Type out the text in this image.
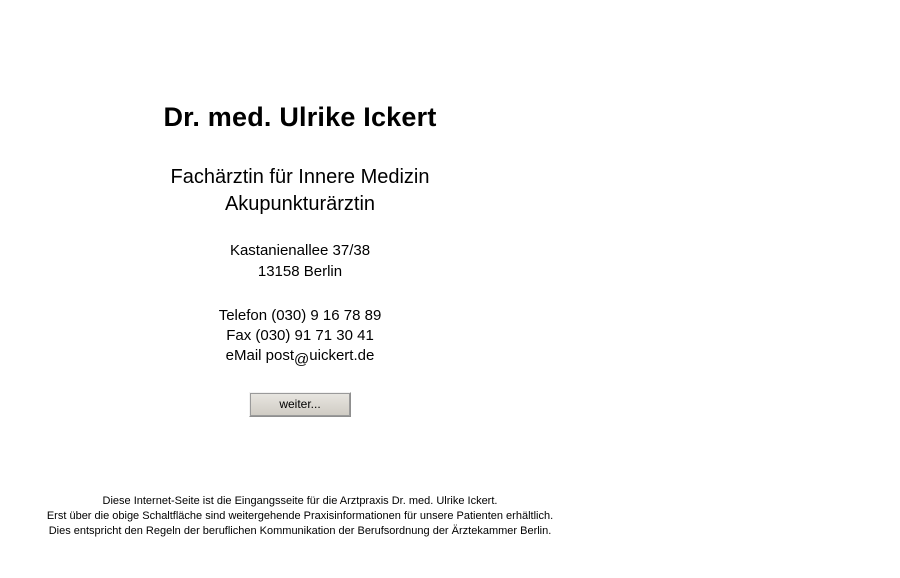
Dr. med. Ulrike Ickert
Fachärztin für Innere Medizin
Akupunkturärztin
Kastanienallee 37/38
13158 Berlin
Telefon (030) 9 16 78 89
Fax (030) 91 71 30 41
eMail post@uickert.de
weiter...
Diese Internet-Seite ist die Eingangsseite für die Arztpraxis Dr. med. Ulrike Ickert.
Erst über die obige Schaltfläche sind weitergehende Praxisinformationen für unsere Patienten erhältlich.
Dies entspricht den Regeln der beruflichen Kommunikation der Berufsordnung der Ärztekammer Berlin.
